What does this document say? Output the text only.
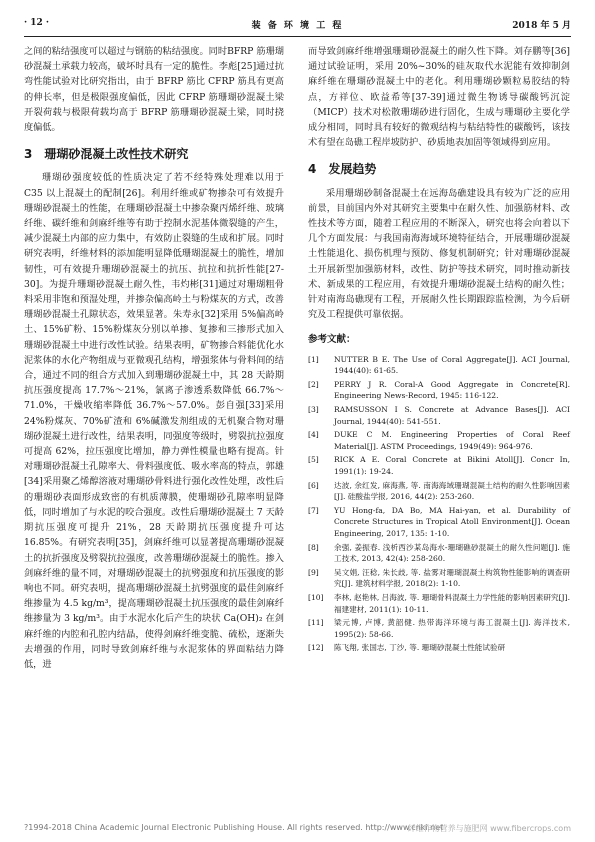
· 12 ·	装 备 环 境 工 程	2018 年 5 月

之间的粘结强度可以超过与钢筋的粘结强度。同时BFRP 筋珊瑚砂混凝土承载力较高，破坏时具有一定的脆性。李彪[25]通过抗弯性能试验对比研究指出，由于 BFRP 筋比 CFRP 筋具有更高的伸长率，但是极限强度偏低，因此 CFRP 筋珊瑚砂混凝土梁开裂荷载与极限荷载均高于 BFRP 筋珊瑚砂混凝土梁，同时挠度偏低。

3　珊瑚砂混凝土改性技术研究

珊瑚砂强度较低的性质决定了若不经特殊处理难以用于 C35 以上混凝土的配制[26]。利用纤维或矿物掺杂可有效提升珊瑚砂混凝土的性能，在珊瑚砂混凝土中掺杂聚丙烯纤维、玻璃纤维、碳纤维和剑麻纤维等有助于控制水泥基体微裂缝的产生，减少混凝土内部的应力集中，有效防止裂缝的生成和扩展。同时研究表明，纤维材料的添加能明显降低珊瑚混凝土的脆性，增加韧性，可有效提升珊瑚砂混凝土的抗压、抗拉和抗折性能[27-30]。为提升珊瑚砂混凝土耐久性，韦灼彬[31]通过对珊瑚粗骨料采用非饱和预湿处理，并掺杂偏高岭土与粉煤灰的方式，改善珊瑚砂混凝土孔隙状态，效果显著。朱寿永[32]采用 5%偏高岭土、15%矿粉、15%粉煤灰分别以单掺、复掺和三掺形式加入珊瑚砂混凝土中进行改性试验。结果表明，矿物掺合料能优化水泥浆体的水化产物组成与亚微观孔结构，增强浆体与骨料间的结合，通过不同的组合方式加入到珊瑚砂混凝土中，其 28 天龄期抗压强度提高 17.7%～21%，氯离子渗透系数降低 66.7%～71.0%，干燥收缩率降低 36.7%～57.0%。彭自强[33]采用 24%粉煤灰、70%矿渣和 6%碱激发剂组成的无机聚合物对珊瑚砂混凝土进行改性，结果表明，同强度等级时，劈裂抗拉强度可提高 62%，拉压强度比增加，静力弹性模量也略有提高。针对珊瑚砂混凝土孔隙率大、骨料强度低、吸水率高的特点，郭雄[34]采用聚乙烯醇溶液对珊瑚砂骨料进行强化改性处理，改性后的珊瑚砂表面形成致密的有机质薄膜，使珊瑚砂孔隙率明显降低，同时增加了与水泥的咬合强度。改性后珊瑚砂混凝土 7 天龄期抗压强度可提升 21%，28 天龄期抗压强度提升可达 16.85%。有研究表明[35]，剑麻纤维可以显著提高珊瑚砂混凝土的抗折强度及劈裂抗拉强度，改善珊瑚砂混凝土的脆性。掺入剑麻纤维的量不同，对珊瑚砂混凝土的抗劈强度和抗压强度的影响也不同。研究表明，提高珊瑚砂混凝土抗劈强度的最佳剑麻纤维掺量为 4.5 kg/m³，提高珊瑚砂混凝土抗压强度的最佳剑麻纤维掺量为 3 kg/m³。由于水泥水化后产生的块状 Ca(OH)₂ 在剑麻纤维的内腔和孔腔内结晶，使得剑麻纤维变脆、硫松，逐渐失去增强的作用，同时导致剑麻纤维与水泥浆体的界面粘结力降低，进

而导致剑麻纤维增强珊瑚砂混凝土的耐久性下降。刘存鹏等[36]通过试验证明，采用 20%~30%的硅灰取代水泥能有效抑制剑麻纤维在珊瑚砂混凝土中的老化。利用珊瑚砂颗粒易胶结的特点，方祥位、欧益希等[37-39]通过微生物诱导碳酸钙沉淀（MICP）技术对松散珊瑚砂进行固化，生成与珊瑚砂主要化学成分相同，同时具有较好的微观结构与粘结特性的碳酸钙，该技术有望在岛礁工程岸坡防护、砂质地表加固等领域得到应用。

4　发展趋势

采用珊瑚砂制备混凝土在远海岛礁建设具有较为广泛的应用前景，目前国内外对其研究主要集中在耐久性、加强筋材料、改性技术等方面，随着工程应用的不断深入，研究也将会向着以下几个方面发展：与我国南海海域环境特征结合，开展珊瑚砂混凝土性能退化、损伤机理与预防、修复机制研究；针对珊瑚砂混凝土开展新型加强筋材料，改性、防护等技术研究，同时推动新技术、新成果的工程应用，有效提升珊瑚砂混凝土结构的耐久性；针对南海岛礁现有工程，开展耐久性长期跟踪监检测，为今后研究及工程提供可靠依据。

参考文献：
[1] NUTTER B E. The Use of Coral Aggregate[J]. ACI Journal, 1944(40): 61-65.
[2] PERRY J R. Coral-A Good Aggregate in Concrete[R]. Engineering News-Record, 1945: 116-122.
[3] RAMSUSSON I S. Concrete at Advance Bases[J]. ACI Journal, 1944(40): 541-551.
[4] DUKE C M. Engineering Properties of Coral Reef Material[J]. ASTM Proceedings, 1949(49): 964-976.
[5] RICK A E. Coral Concrete at Bikini Atoll[J]. Concr In, 1991(1): 19-24.
[6] 达波, 余红发, 麻海燕, 等. 南海海域珊瑚混凝土结构的耐久性影响因素[J]. 硅酸盐学报, 2016, 44(2): 253-260.
[7] YU Hong-fa, DA Bo, MA Hai-yan, et al. Durability of Concrete Structures in Tropical Atoll Environment[J]. Ocean Engineering, 2017, 135: 1-10.
[8] 余强, 姜振春. 浅析西沙某岛海水-珊瑚礁砂混凝土的耐久性问题[J]. 施工技术, 2013, 42(4): 258-260.
[9] 吴文娟, 汪稔, 朱长歧, 等. 盐雾对珊瑚混凝土构筑物性能影响的调查研究[J]. 建筑材料学报, 2018(2): 1-10.
[10] 李林, 赵艳林, 吕海波, 等. 珊瑚骨料混凝土力学性能的影响因素研究[J]. 福建建材, 2011(1): 10-11.
[11] 梁元博, 卢博, 黄韶健. 热带海洋环境与海工混凝土[J]. 海洋技术, 1995(2): 58-66.
[12] 陈飞翔, 张国志, 丁沙, 等. 珊瑚砂混凝土性能试验研
?1994-2018 China Academic Journal Electronic Publishing House. All rights reserved. http://www.cnki.net
纤维作物营养与施肥网 www.fibercrops.com
